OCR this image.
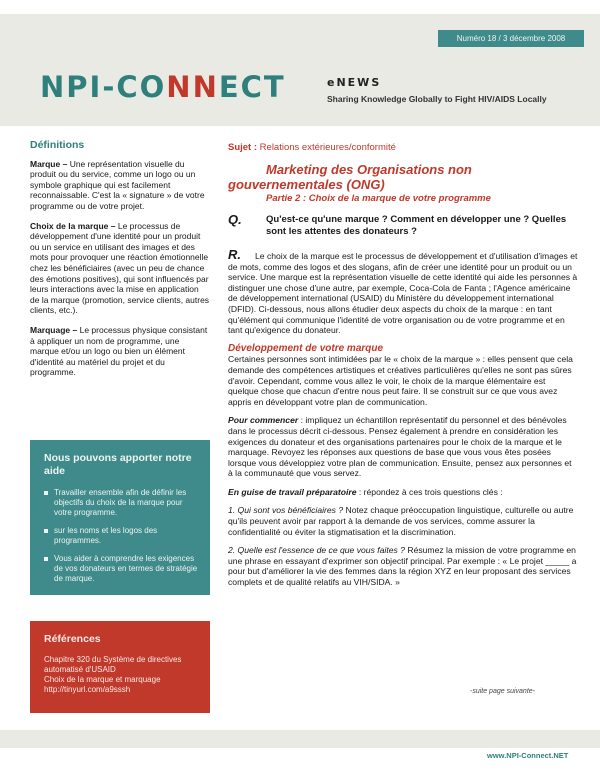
Numéro 18 / 3 décembre 2008
NPI-CONNECT	eNEWS
Sharing Knowledge Globally to Fight HIV/AIDS Locally
Définitions

Marque – Une représentation visuelle du produit ou du service, comme un logo ou un symbole graphique qui est facilement reconnaissable. C'est la « signature » de votre programme ou de votre projet.

Choix de la marque – Le processus de développement d'une identité pour un produit ou un service en utilisant des images et des mots pour provoquer une réaction émotionnelle chez les bénéficiaires (avec un peu de chance des émotions positives), qui sont influencés par leurs interactions avec la mise en application de la marque (promotion, service clients, autres clients, etc.).

Marquage – Le processus physique consistant à appliquer un nom de programme, une marque et/ou un logo ou bien un élément d'identité au matériel du projet et du programme.

Nous pouvons apporter notre aide
Travailler ensemble afin de définir les objectifs du choix de la marque pour votre programme.
sur les noms et les logos des programmes.
Vous aider à comprendre les exigences de vos donateurs en termes de stratégie de marque.
Références

Chapitre 320 du Système de directives automatisé d'USAID

Choix de la marque et marquage

http://tinyurl.com/a9sssh

Sujet : Relations extérieures/conformité
Marketing des Organisations non
gouvernementales (ONG)
Partie 2 : Choix de la marque de votre programme
Q.	Qu'est-ce qu'une marque ? Comment en développer une ? Quelles sont les attentes des donateurs ?

R. Le choix de la marque est le processus de développement et d'utilisation d'images et de mots, comme des logos et des slogans, afin de créer une identité pour un produit ou un service. Une marque est la représentation visuelle de cette identité qui aide les personnes à distinguer une chose d'une autre, par exemple, Coca-Cola de Fanta ; l'Agence américaine de développement international (USAID) du Ministère du développement international (DFID). Ci-dessous, nous allons étudier deux aspects du choix de la marque : en tant qu'élément qui communique l'identité de votre organisation ou de votre programme et en tant qu'exigence du donateur.

Développement de votre marque

Certaines personnes sont intimidées par le « choix de la marque » : elles pensent que cela demande des compétences artistiques et créatives particulières qu'elles ne sont pas sûres d'avoir. Cependant, comme vous allez le voir, le choix de la marque élémentaire est quelque chose que chacun d'entre nous peut faire. Il se construit sur ce que vous avez appris en développant votre plan de communication.

Pour commencer : impliquez un échantillon représentatif du personnel et des bénévoles dans le processus décrit ci-dessous. Pensez également à prendre en considération les exigences du donateur et des organisations partenaires pour le choix de la marque et le marquage. Revoyez les réponses aux questions de base que vous vous êtes posées lorsque vous développiez votre plan de communication. Ensuite, pensez aux personnes et à la communauté que vous servez.

En guise de travail préparatoire : répondez à ces trois questions clés :

1. Qui sont vos bénéficiaires ? Notez chaque préoccupation linguistique, culturelle ou autre qu'ils peuvent avoir par rapport à la demande de vos services, comme assurer la confidentialité ou éviter la stigmatisation et la discrimination.

2. Quelle est l'essence de ce que vous faites ? Résumez la mission de votre programme en une phrase en essayant d'exprimer son objectif principal. Par exemple : « Le projet _____ a pour but d'améliorer la vie des femmes dans la région XYZ en leur proposant des services complets et de qualité relatifs au VIH/SIDA. »

-suite page suivante-
www.NPI-Connect.NET
